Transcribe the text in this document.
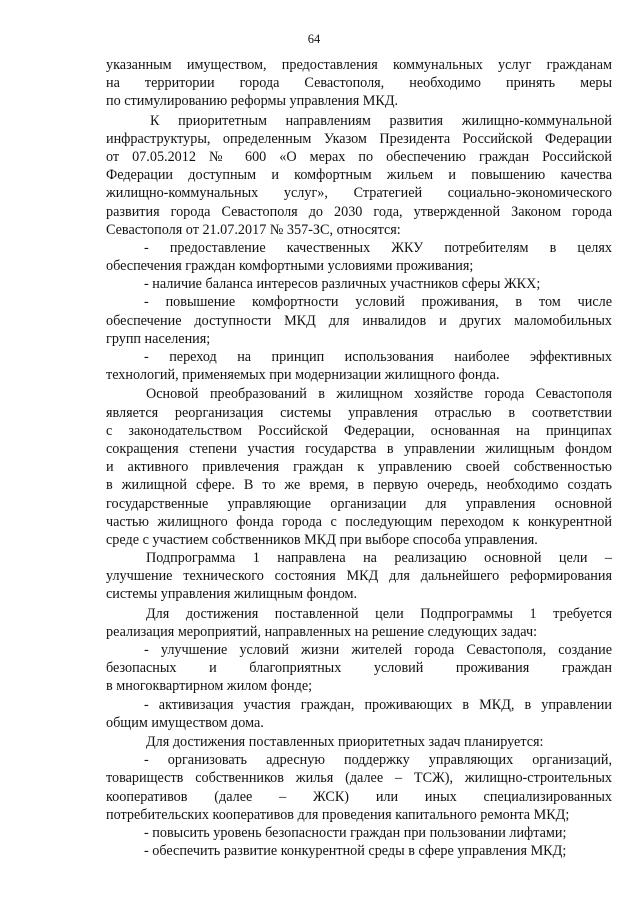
64
указанным имуществом, предоставления коммунальных услуг гражданам
на территории города Севастополя, необходимо принять меры
по стимулированию реформы управления МКД.
К приоритетным направлениям развития жилищно-коммунальной
инфраструктуры, определенным Указом Президента Российской Федерации
от 07.05.2012 № 600 «О мерах по обеспечению граждан Российской
Федерации доступным и комфортным жильем и повышению качества
жилищно-коммунальных услуг», Стратегией социально-экономического
развития города Севастополя до 2030 года, утвержденной Законом города
Севастополя от 21.07.2017 № 357-ЗС, относятся:
- предоставление качественных ЖКУ потребителям в целях
обеспечения граждан комфортными условиями проживания;
- наличие баланса интересов различных участников сферы ЖКХ;
- повышение комфортности условий проживания, в том числе
обеспечение доступности МКД для инвалидов и других маломобильных
групп населения;
- переход на принцип использования наиболее эффективных
технологий, применяемых при модернизации жилищного фонда.
Основой преобразований в жилищном хозяйстве города Севастополя
является реорганизация системы управления отраслью в соответствии
с законодательством Российской Федерации, основанная на принципах
сокращения степени участия государства в управлении жилищным фондом
и активного привлечения граждан к управлению своей собственностью
в жилищной сфере. В то же время, в первую очередь, необходимо создать
государственные управляющие организации для управления основной
частью жилищного фонда города с последующим переходом к конкурентной
среде с участием собственников МКД при выборе способа управления.
Подпрограмма 1 направлена на реализацию основной цели –
улучшение технического состояния МКД для дальнейшего реформирования
системы управления жилищным фондом.
Для достижения поставленной цели Подпрограммы 1 требуется
реализация мероприятий, направленных на решение следующих задач:
- улучшение условий жизни жителей города Севастополя, создание
безопасных и благоприятных условий проживания граждан
в многоквартирном жилом фонде;
- активизация участия граждан, проживающих в МКД, в управлении
общим имуществом дома.
Для достижения поставленных приоритетных задач планируется:
- организовать адресную поддержку управляющих организаций,
товариществ собственников жилья (далее – ТСЖ), жилищно-строительных
кооперативов (далее – ЖСК) или иных специализированных
потребительских кооперативов для проведения капитального ремонта МКД;
- повысить уровень безопасности граждан при пользовании лифтами;
- обеспечить развитие конкурентной среды в сфере управления МКД;
